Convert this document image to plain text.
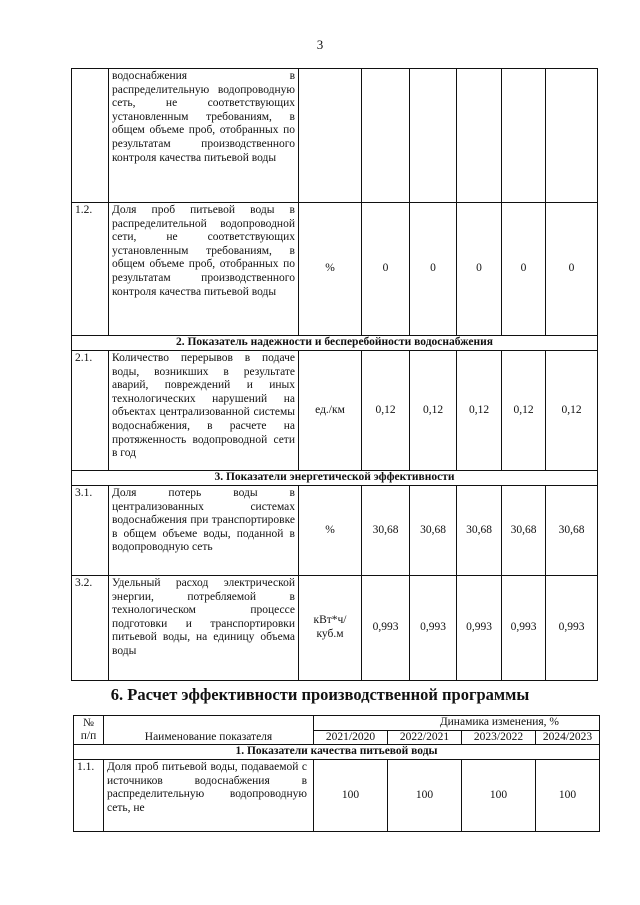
3
	водоснабжения в распределительную водопроводную сеть, не соответствующих установленным требованиям, в общем объеме проб, отобранных по результатам производственного контроля качества питьевой воды						
1.2.	Доля проб питьевой воды в распределительной водопроводной сети, не соответствующих установленным требованиям, в общем объеме проб, отобранных по результатам производственного контроля качества питьевой воды	%	0	0	0	0	0
2. Показатель надежности и бесперебойности водоснабжения							
2.1.	Количество перерывов в подаче воды, возникших в результате аварий, повреждений и иных технологических нарушений на объектах централизованной системы водоснабжения, в расчете на протяженность водопроводной сети в год	ед./км	0,12	0,12	0,12	0,12	0,12
3. Показатели энергетической эффективности							
3.1.	Доля потерь воды в централизованных системах водоснабжения при транспортировке в общем объеме воды, поданной в водопроводную сеть	%	30,68	30,68	30,68	30,68	30,68
3.2.	Удельный расход электрической энергии, потребляемой в технологическом процессе подготовки и транспортировки питьевой воды, на единицу объема воды	кВт*ч/ куб.м	0,993	0,993	0,993	0,993	0,993
6. Расчет эффективности производственной программы
№ п/п	Наименование показателя	Динамика изменения, %			
		2021/2020	2022/2021	2023/2022	2024/2023
1. Показатели качества питьевой воды					
1.1.	Доля проб питьевой воды, подаваемой с источников водоснабжения в распределительную водопроводную сеть, не	100	100	100	100
